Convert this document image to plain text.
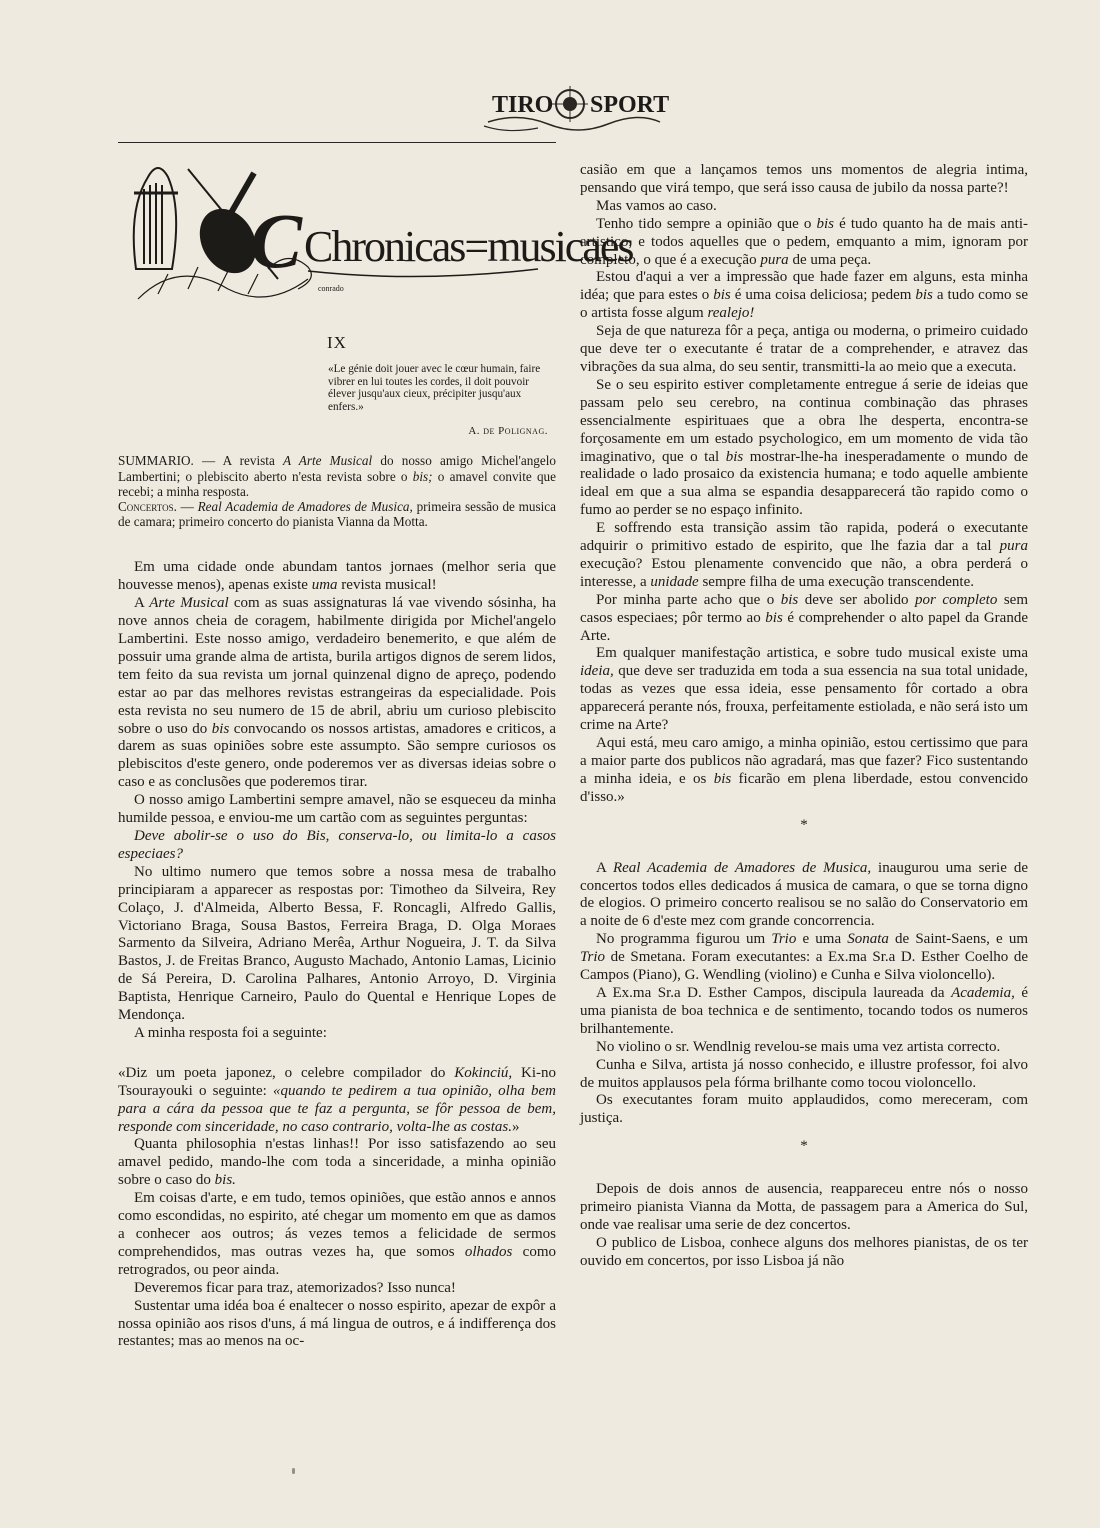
TIRO SPORT
C Chronicas=musicaes
conrado
IX
«Le génie doit jouer avec le cœur humain, faire vibrer en lui toutes les cordes, il doit pouvoir élever jusqu'aux cieux, précipiter jusqu'aux enfers.»
A. de Polignag.

SUMMARIO. — A revista A Arte Musical do nosso amigo Michel'angelo Lambertini; o plebiscito aberto n'esta revista sobre o bis; o amavel convite que recebi; a minha resposta.

Concertos. — Real Academia de Amadores de Musica, primeira sessão de musica de camara; primeiro concerto do pianista Vianna da Motta.

Em uma cidade onde abundam tantos jornaes (melhor seria que houvesse menos), apenas existe uma revista musical!

A Arte Musical com as suas assignaturas lá vae vivendo sósinha, ha nove annos cheia de coragem, habilmente dirigida por Michel'angelo Lambertini. Este nosso amigo, verdadeiro benemerito, e que além de possuir uma grande alma de artista, burila artigos dignos de serem lidos, tem feito da sua revista um jornal quinzenal digno de apreço, podendo estar ao par das melhores revistas estrangeiras da especialidade. Pois esta revista no seu numero de 15 de abril, abriu um curioso plebiscito sobre o uso do bis convocando os nossos artistas, amadores e criticos, a darem as suas opiniões sobre este assumpto. São sempre curiosos os plebiscitos d'este genero, onde poderemos ver as diversas ideias sobre o caso e as conclusões que poderemos tirar.

O nosso amigo Lambertini sempre amavel, não se esqueceu da minha humilde pessoa, e enviou-me um cartão com as seguintes perguntas:

Deve abolir-se o uso do Bis, conserva-lo, ou limita-lo a casos especiaes?

No ultimo numero que temos sobre a nossa mesa de trabalho principiaram a apparecer as respostas por: Timotheo da Silveira, Rey Colaço, J. d'Almeida, Alberto Bessa, F. Roncagli, Alfredo Gallis, Victoriano Braga, Sousa Bastos, Ferreira Braga, D. Olga Moraes Sarmento da Silveira, Adriano Merêa, Arthur Nogueira, J. T. da Silva Bastos, J. de Freitas Branco, Augusto Machado, Antonio Lamas, Licinio de Sá Pereira, D. Carolina Palhares, Antonio Arroyo, D. Virginia Baptista, Henrique Carneiro, Paulo do Quental e Henrique Lopes de Mendonça.

A minha resposta foi a seguinte:

«Diz um poeta japonez, o celebre compilador do Kokinciú, Ki-no Tsourayouki o seguinte: «quando te pedirem a tua opinião, olha bem para a cára da pessoa que te faz a pergunta, se fôr pessoa de bem, responde com sinceridade, no caso contrario, volta-lhe as costas.»

Quanta philosophia n'estas linhas!! Por isso satisfazendo ao seu amavel pedido, mando-lhe com toda a sinceridade, a minha opinião sobre o caso do bis.

Em coisas d'arte, e em tudo, temos opiniões, que estão annos e annos como escondidas, no espirito, até chegar um momento em que as damos a conhecer aos outros; ás vezes temos a felicidade de sermos comprehendidos, mas outras vezes ha, que somos olhados como retrogrados, ou peor ainda.

Deveremos ficar para traz, atemorizados? Isso nunca!

Sustentar uma idéa boa é enaltecer o nosso espirito, apezar de expôr a nossa opinião aos risos d'uns, á má lingua de outros, e á indifferença dos restantes; mas ao menos na oc-

casião em que a lançamos temos uns momentos de alegria intima, pensando que virá tempo, que será isso causa de jubilo da nossa parte?!

Mas vamos ao caso.

Tenho tido sempre a opinião que o bis é tudo quanto ha de mais anti-artistico, e todos aquelles que o pedem, emquanto a mim, ignoram por completo, o que é a execução pura de uma peça.

Estou d'aqui a ver a impressão que hade fazer em alguns, esta minha idéa; que para estes o bis é uma coisa deliciosa; pedem bis a tudo como se o artista fosse algum realejo!

Seja de que natureza fôr a peça, antiga ou moderna, o primeiro cuidado que deve ter o executante é tratar de a comprehender, e atravez das vibrações da sua alma, do seu sentir, transmitti-la ao meio que a executa.

Se o seu espirito estiver completamente entregue á serie de ideias que passam pelo seu cerebro, na continua combinação das phrases essencialmente espirituaes que a obra lhe desperta, encontra-se forçosamente em um estado psychologico, em um momento de vida tão imaginativo, que o tal bis mostrar-lhe-ha inesperadamente o mundo de realidade o lado prosaico da existencia humana; e todo aquelle ambiente ideal em que a sua alma se espandia desapparecerá tão rapido como o fumo ao perder se no espaço infinito.

E soffrendo esta transição assim tão rapida, poderá o executante adquirir o primitivo estado de espirito, que lhe fazia dar a tal pura execução? Estou plenamente convencido que não, a obra perderá o interesse, a unidade sempre filha de uma execução transcendente.

Por minha parte acho que o bis deve ser abolido por completo sem casos especiaes; pôr termo ao bis é comprehender o alto papel da Grande Arte.

Em qualquer manifestação artistica, e sobre tudo musical existe uma ideia, que deve ser traduzida em toda a sua essencia na sua total unidade, todas as vezes que essa ideia, esse pensamento fôr cortado a obra apparecerá perante nós, frouxa, perfeitamente estiolada, e não será isto um crime na Arte?

Aqui está, meu caro amigo, a minha opinião, estou certissimo que para a maior parte dos publicos não agradará, mas que fazer? Fico sustentando a minha ideia, e os bis ficarão em plena liberdade, estou convencido d'isso.»

*

A Real Academia de Amadores de Musica, inaugurou uma serie de concertos todos elles dedicados á musica de camara, o que se torna digno de elogios. O primeiro concerto realisou se no salão do Conservatorio em a noite de 6 d'este mez com grande concorrencia.

No programma figurou um Trio e uma Sonata de Saint-Saens, e um Trio de Smetana. Foram executantes: a Ex.ma Sr.a D. Esther Coelho de Campos (Piano), G. Wendling (violino) e Cunha e Silva violoncello).

A Ex.ma Sr.a D. Esther Campos, discipula laureada da Academia, é uma pianista de boa technica e de sentimento, tocando todos os numeros brilhantemente.

No violino o sr. Wendlnig revelou-se mais uma vez artista correcto.

Cunha e Silva, artista já nosso conhecido, e illustre professor, foi alvo de muitos applausos pela fórma brilhante como tocou violoncello.

Os executantes foram muito applaudidos, como mereceram, com justiça.

*

Depois de dois annos de ausencia, reappareceu entre nós o nosso primeiro pianista Vianna da Motta, de passagem para a America do Sul, onde vae realisar uma serie de dez concertos.

O publico de Lisboa, conhece alguns dos melhores pianistas, de os ter ouvido em concertos, por isso Lisboa já não
